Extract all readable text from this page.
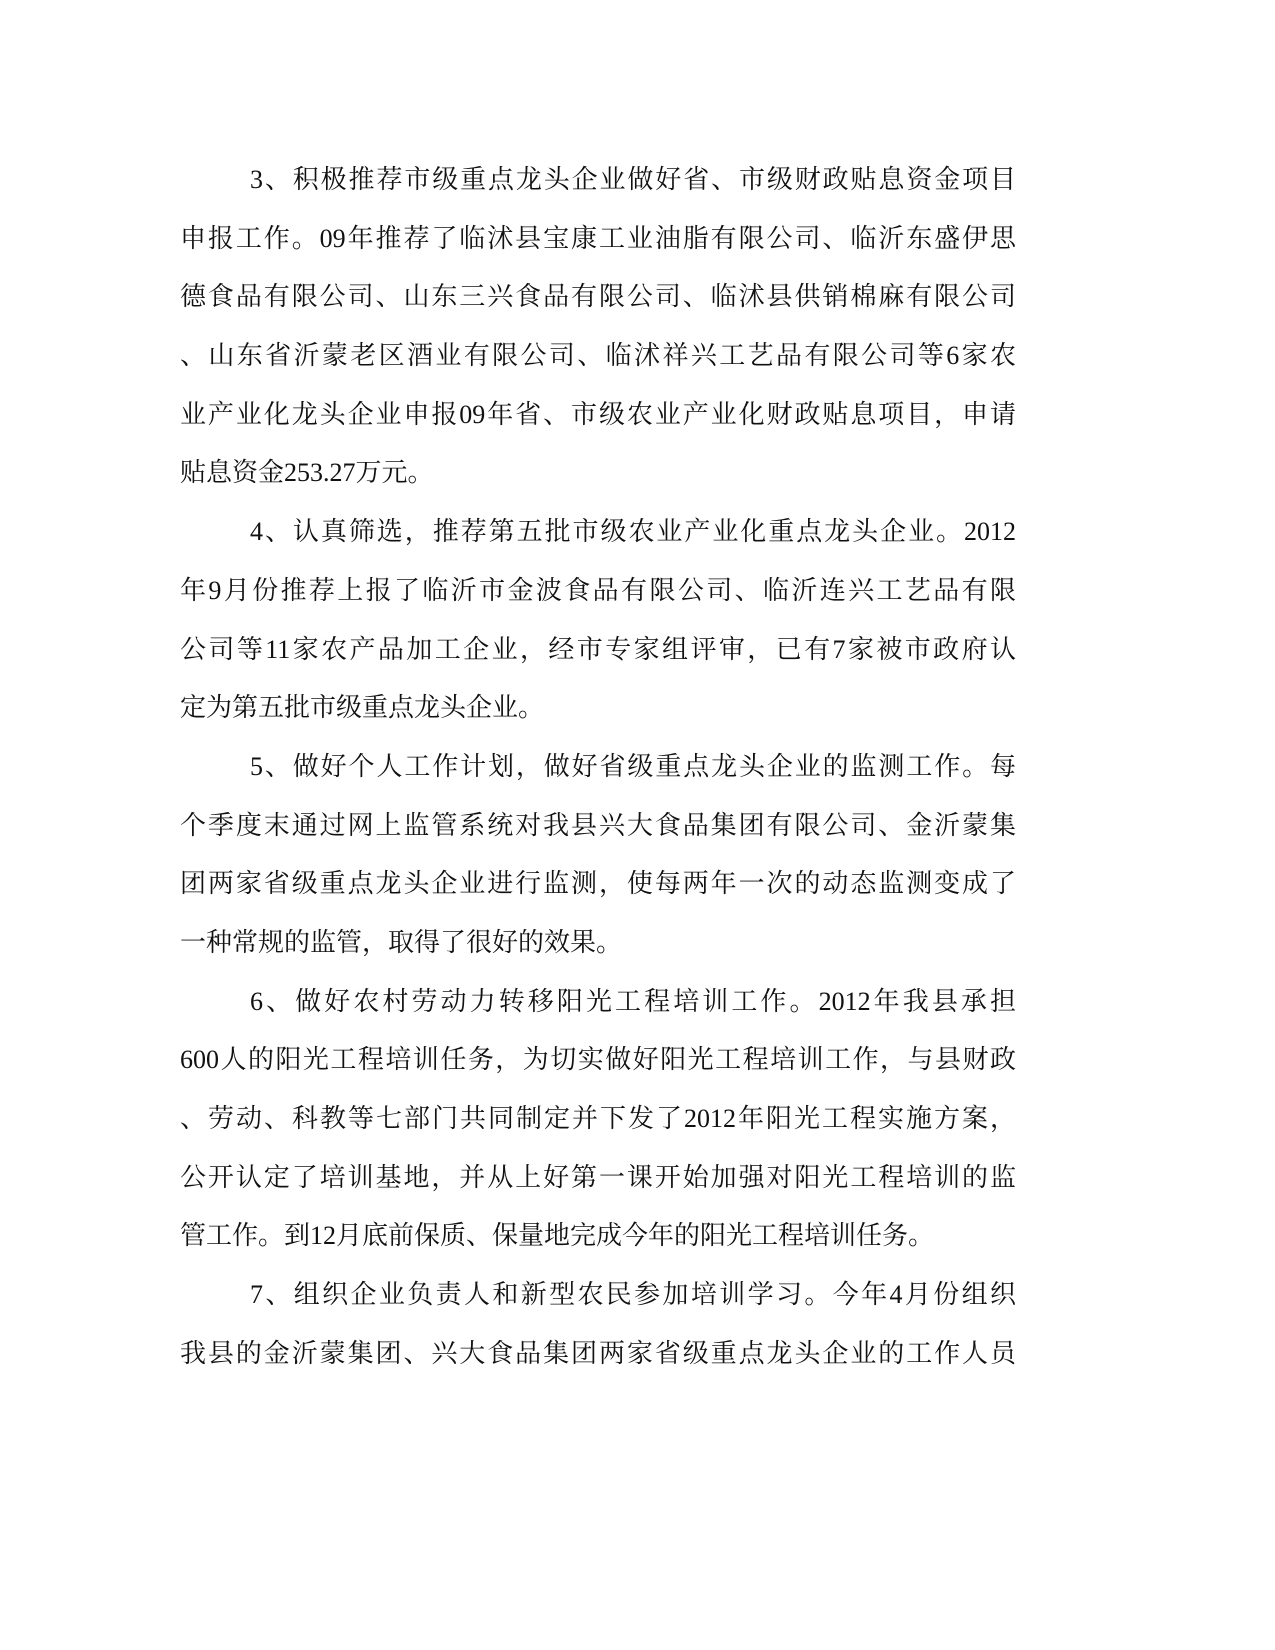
3、积极推荐市级重点龙头企业做好省、市级财政贴息资金项目
申报工作。09年推荐了临沭县宝康工业油脂有限公司、临沂东盛伊思
德食品有限公司、山东三兴食品有限公司、临沭县供销棉麻有限公司
、山东省沂蒙老区酒业有限公司、临沭祥兴工艺品有限公司等6家农
业产业化龙头企业申报09年省、市级农业产业化财政贴息项目，申请
贴息资金253.27万元。
4、认真筛选，推荐第五批市级农业产业化重点龙头企业。2012
年9月份推荐上报了临沂市金波食品有限公司、临沂连兴工艺品有限
公司等11家农产品加工企业，经市专家组评审，已有7家被市政府认
定为第五批市级重点龙头企业。
5、做好个人工作计划，做好省级重点龙头企业的监测工作。每
个季度末通过网上监管系统对我县兴大食品集团有限公司、金沂蒙集
团两家省级重点龙头企业进行监测，使每两年一次的动态监测变成了
一种常规的监管，取得了很好的效果。
6、做好农村劳动力转移阳光工程培训工作。2012年我县承担
600人的阳光工程培训任务，为切实做好阳光工程培训工作，与县财政
、劳动、科教等七部门共同制定并下发了2012年阳光工程实施方案，
公开认定了培训基地，并从上好第一课开始加强对阳光工程培训的监
管工作。到12月底前保质、保量地完成今年的阳光工程培训任务。
7、组织企业负责人和新型农民参加培训学习。今年4月份组织
我县的金沂蒙集团、兴大食品集团两家省级重点龙头企业的工作人员
